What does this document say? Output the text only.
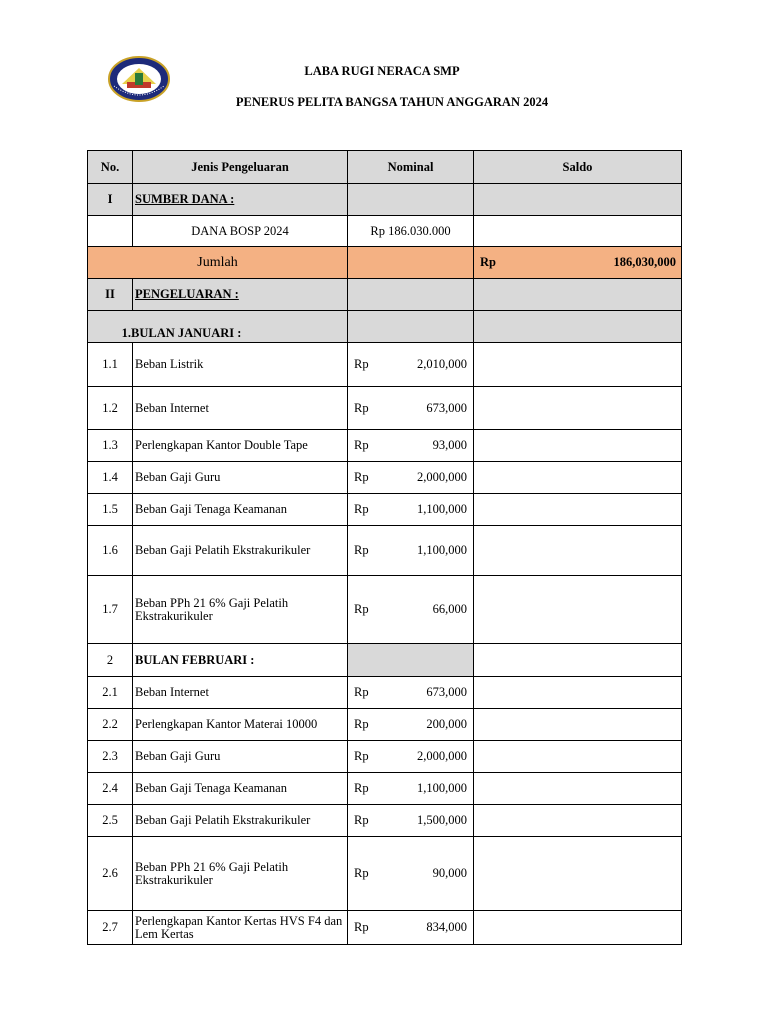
LABA RUGI NERACA SMP
PENERUS PELITA BANGSA TAHUN ANGGARAN 2024
No.	Jenis Pengeluaran	Nominal	Saldo
I	SUMBER DANA :		
	DANA BOSP 2024	Rp 186.030.000	
Jumlah			Rp 186,030,000

II	PENGELUARAN :		
1.BULAN JANUARI :			
1.1	Beban Listrik	Rp 2,010,000	

1.2	Beban Internet	Rp 673,000	

1.3	Perlengkapan Kantor Double Tape	Rp 93,000	

1.4	Beban Gaji Guru	Rp 2,000,000	

1.5	Beban Gaji Tenaga Keamanan	Rp 1,100,000	

1.6	Beban Gaji Pelatih Ekstrakurikuler	Rp 1,100,000	

1.7	Beban PPh 21 6% Gaji Pelatih Ekstrakurikuler	Rp 66,000	

2	BULAN FEBRUARI :		
2.1	Beban Internet	Rp 673,000	

2.2	Perlengkapan Kantor Materai 10000	Rp 200,000	

2.3	Beban Gaji Guru	Rp 2,000,000	

2.4	Beban Gaji Tenaga Keamanan	Rp 1,100,000	

2.5	Beban Gaji Pelatih Ekstrakurikuler	Rp 1,500,000	

2.6	Beban PPh 21 6% Gaji Pelatih Ekstrakurikuler	Rp 90,000	

2.7	Perlengkapan Kantor Kertas HVS F4 dan Lem Kertas	Rp 834,000	
